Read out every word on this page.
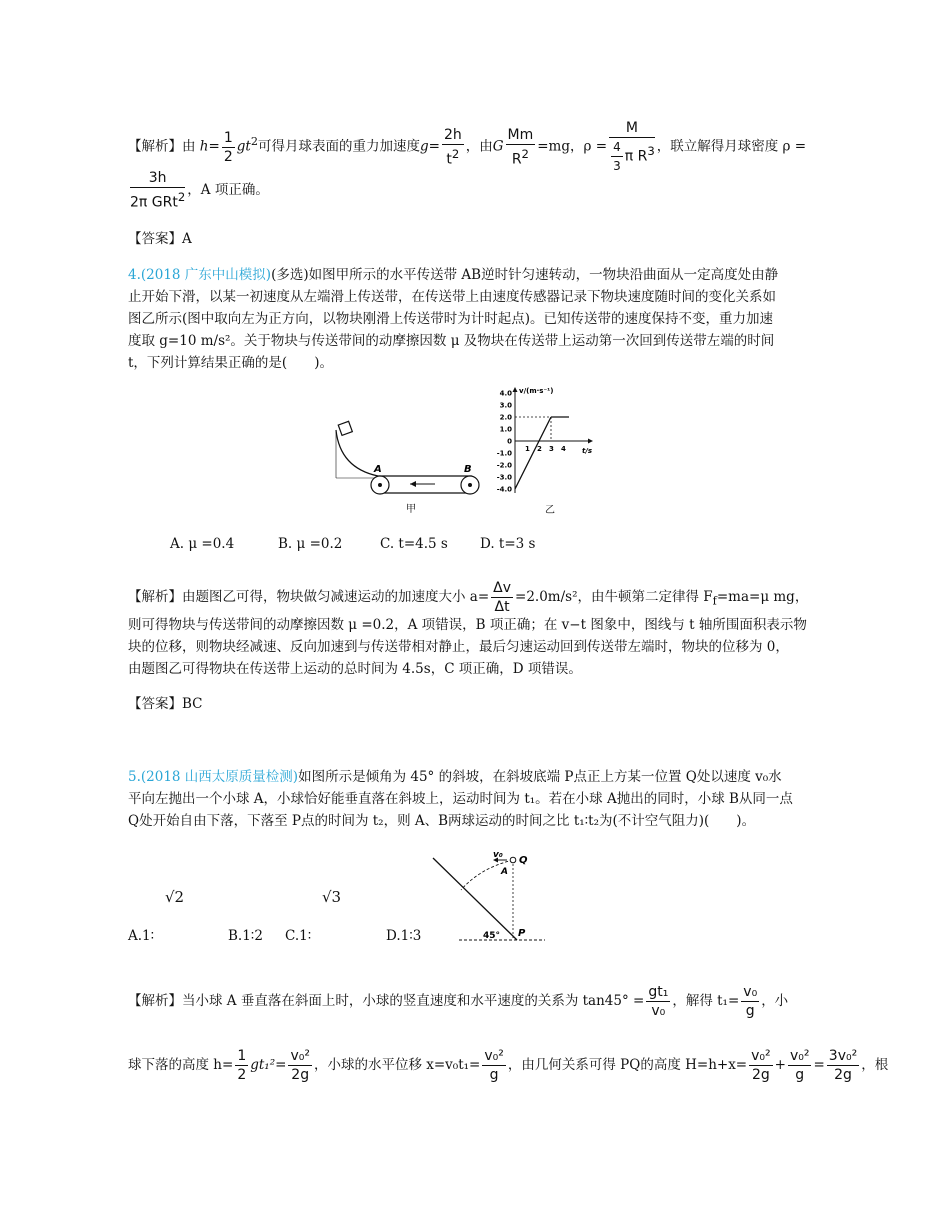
【解析】由 $h= \frac{1}{2} gt^2$可得月球表面的重力加速度$g= \frac{2h}{t^2}$ ，由G $\frac{Mm}{R^2} =mg$，$\rho = \frac{M}{\frac{4}{3} \pi R^3}$ ，联立解得月球密度 ρ =
$\frac{3h}{2\pi GRt^2}$ ，A 项正确。
【答案】A
4.(2018 广东中山模拟)(多选)如图甲所示的水平传送带 AB逆时针匀速转动，一物块沿曲面从一定高度处由静
止开始下滑，以某一初速度从左端滑上传送带，在传送带上由速度传感器记录下物块速度随时间的变化关系如
图乙所示(图中取向左为正方向，以物块刚滑上传送带时为计时起点)。已知传送带的速度保持不变，重力加速
度取 g=10 m/s²。关于物块与传送带间的动摩擦因数 μ 及物块在传送带上运动第一次回到传送带左端的时间
t，下列计算结果正确的是(　　)。
A	B
甲
v/(m·s⁻¹)
t/s
4.0
3.0
2.0
1.0
0
-1.0
-2.0
-3.0
-4.0
1 2 3 4
乙
A. μ =0.4	B. μ =0.2	C. t=4.5 s D. t=3 s
【解析】由题图乙可得，物块做匀减速运动的加速度大小 $a= \frac{\Delta v}{\Delta t} =2.0m/s^2$，由牛顿第二定律得 $F_f=ma=\mu$ mg，
则可得物块与传送带间的动摩擦因数 μ =0.2，A 项错误，B 项正确；在 v−t 图象中，图线与 t 轴所围面积表示物
块的位移，则物块经减速、反向加速到与传送带相对静止，最后匀速运动回到传送带左端时，物块的位移为 0，
由题图乙可得物块在传送带上运动的总时间为 4.5s，C 项正确，D 项错误。
【答案】BC
5.(2018 山西太原质量检测)如图所示是倾角为 45° 的斜坡，在斜坡底端 P点正上方某一位置 Q处以速度 v₀水
平向左抛出一个小球 A，小球恰好能垂直落在斜坡上，运动时间为 t₁。若在小球 A抛出的同时，小球 B从同一点
Q处开始自由下落，下落至 P点的时间为 t₂，则 A、B两球运动的时间之比 t₁∶t₂为(不计空气阻力)(　　)。
√2	√3
A.1∶	B.1∶2 C.1∶	D.1∶3
v₀ Q
A
P
45°
【解析】当小球 A 垂直落在斜面上时，小球的竖直速度和水平速度的关系为 $\tan 45^\circ = \frac{\text{gt₁}}{\text{v₀}}$ ，解得 $t_1= \frac{\text{v₀}}{g}$ ，小
球下落的高度 $h= \frac{1}{2} gt_1^2= \frac{\text{v₀²}}{2g}$ ，小球的水平位移 $x=v_0t_1= \frac{\text{v₀²}}{g}$ ，由几何关系可得 PQ的高度 $H=h+x= \frac{\text{v₀²}}{2g} + \frac{\text{v₀²}}{g} = \frac{\text{3v₀²}}{2g}$ ，根
